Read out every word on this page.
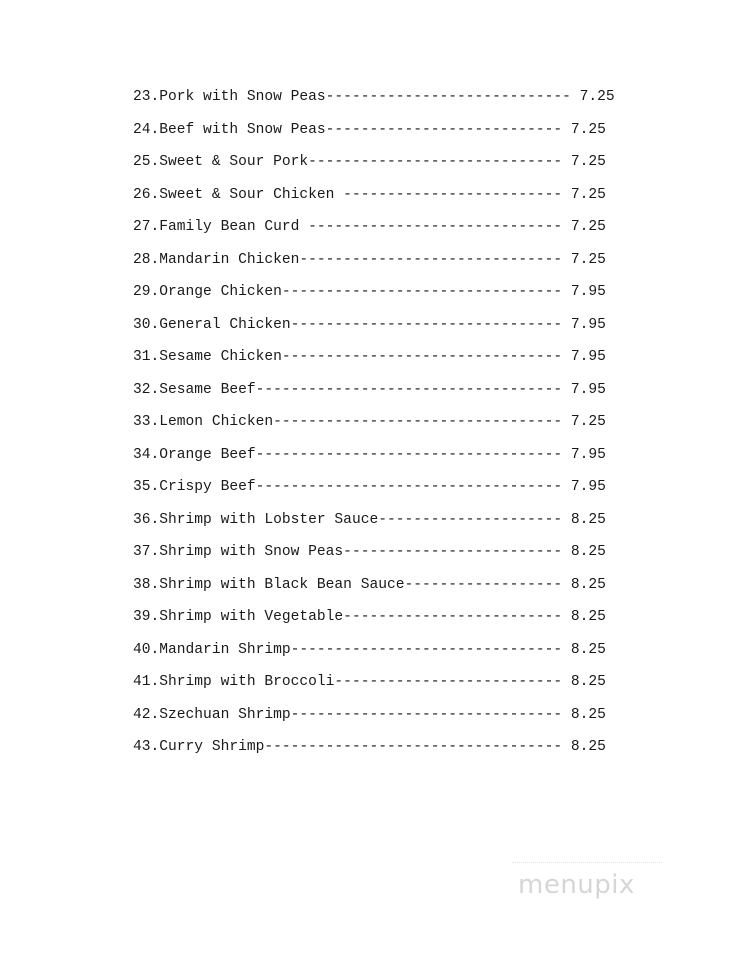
23.Pork with Snow Peas---------------------------- 7.25
24.Beef with Snow Peas--------------------------- 7.25
25.Sweet & Sour Pork----------------------------- 7.25
26.Sweet & Sour Chicken ------------------------- 7.25
27.Family Bean Curd ----------------------------- 7.25
28.Mandarin Chicken------------------------------ 7.25
29.Orange Chicken-------------------------------- 7.95
30.General Chicken------------------------------- 7.95
31.Sesame Chicken-------------------------------- 7.95
32.Sesame Beef----------------------------------- 7.95
33.Lemon Chicken--------------------------------- 7.25
34.Orange Beef----------------------------------- 7.95
35.Crispy Beef----------------------------------- 7.95
36.Shrimp with Lobster Sauce--------------------- 8.25
37.Shrimp with Snow Peas------------------------- 8.25
38.Shrimp with Black Bean Sauce------------------ 8.25
39.Shrimp with Vegetable------------------------- 8.25
40.Mandarin Shrimp------------------------------- 8.25
41.Shrimp with Broccoli-------------------------- 8.25
42.Szechuan Shrimp------------------------------- 8.25
43.Curry Shrimp---------------------------------- 8.25
menupix
